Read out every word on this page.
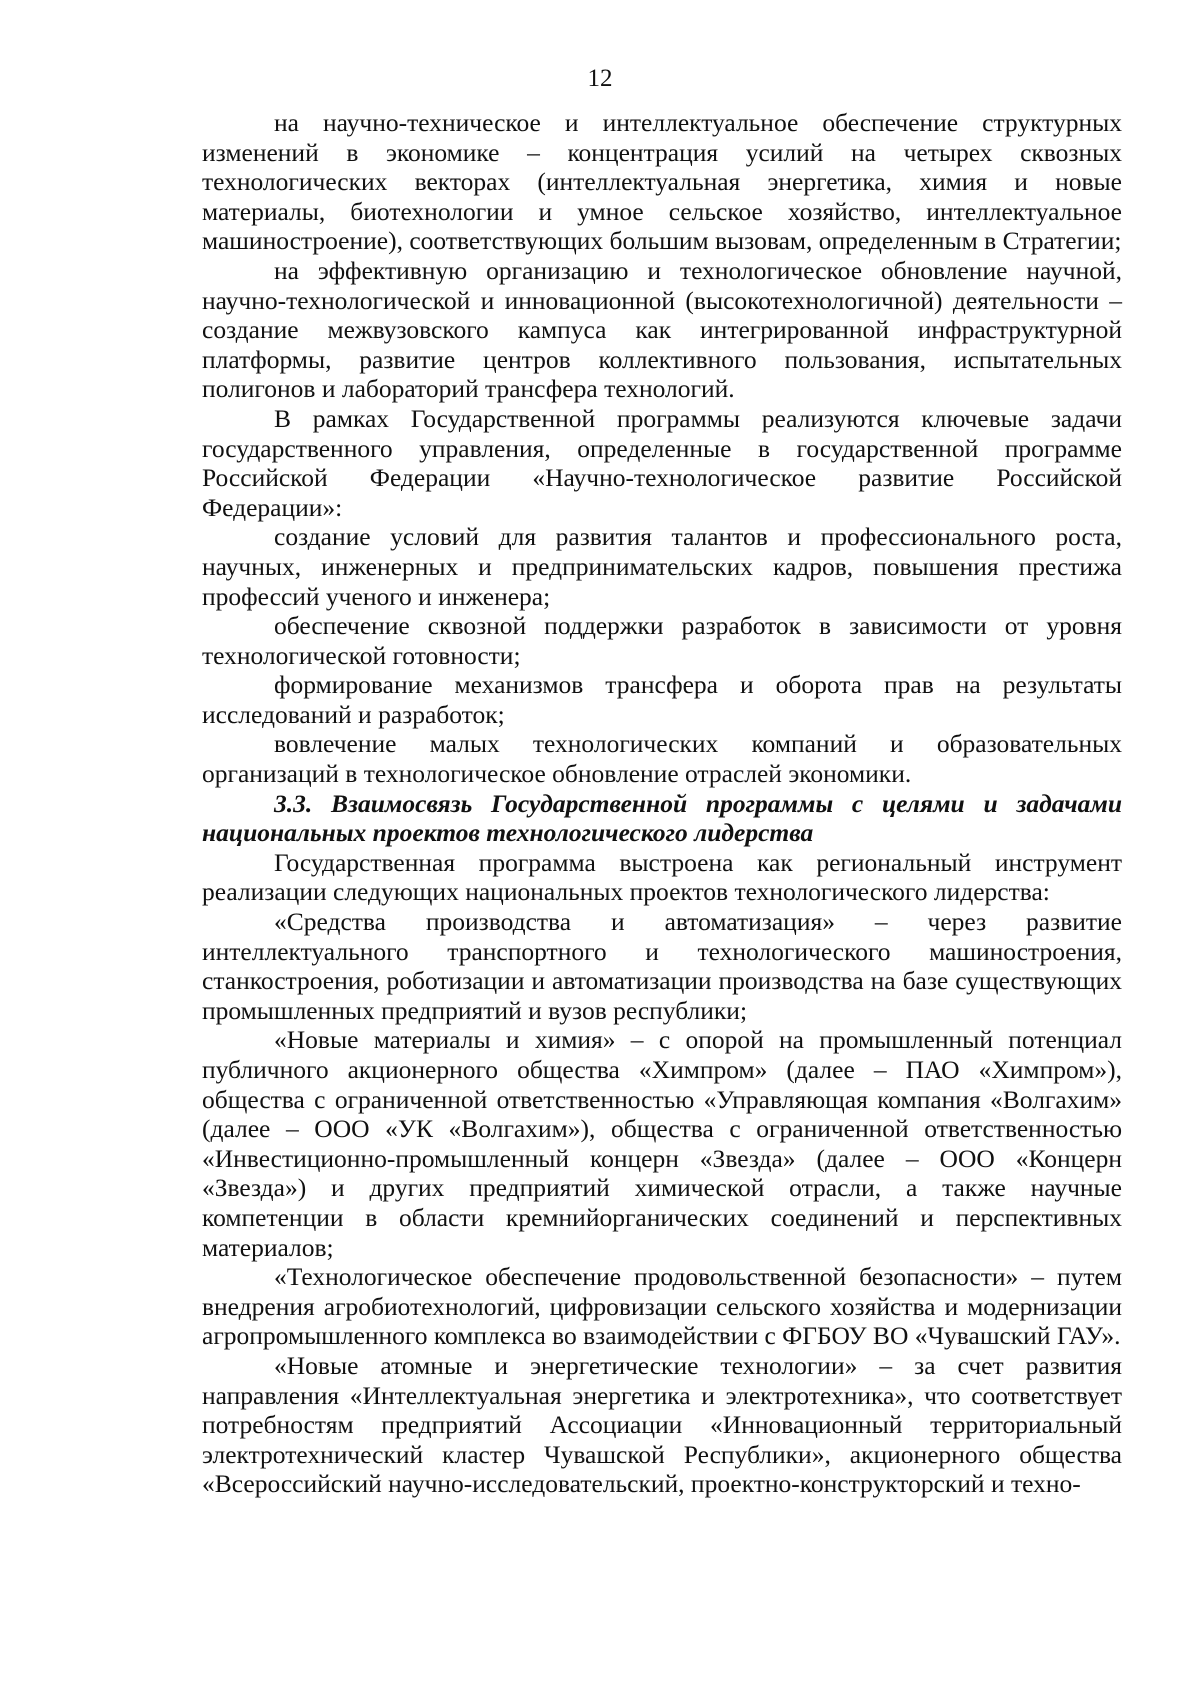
12

на научно-техническое и интеллектуальное обеспечение структурных изменений в экономике – концентрация усилий на четырех сквозных технологических векторах (интеллектуальная энергетика, химия и новые материалы, биотехнологии и умное сельское хозяйство, интеллектуальное машиностроение), соответствующих большим вызовам, определенным в Стратегии;

на эффективную организацию и технологическое обновление научной, научно-технологической и инновационной (высокотехнологичной) деятельности – создание межвузовского кампуса как интегрированной инфраструктурной платформы, развитие центров коллективного пользования, испытательных полигонов и лабораторий трансфера технологий.

В рамках Государственной программы реализуются ключевые задачи государственного управления, определенные в государственной программе Российской Федерации «Научно-технологическое развитие Российской Федерации»:

создание условий для развития талантов и профессионального роста, научных, инженерных и предпринимательских кадров, повышения престижа профессий ученого и инженера;

обеспечение сквозной поддержки разработок в зависимости от уровня технологической готовности;

формирование механизмов трансфера и оборота прав на результаты исследований и разработок;

вовлечение малых технологических компаний и образовательных организаций в технологическое обновление отраслей экономики.

3.3. Взаимосвязь Государственной программы с целями и задачами национальных проектов технологического лидерства

Государственная программа выстроена как региональный инструмент реализации следующих национальных проектов технологического лидерства:

«Средства производства и автоматизация» – через развитие интеллектуального транспортного и технологического машиностроения, станкостроения, роботизации и автоматизации производства на базе существующих промышленных предприятий и вузов республики;

«Новые материалы и химия» – с опорой на промышленный потенциал публичного акционерного общества «Химпром» (далее – ПАО «Химпром»), общества с ограниченной ответственностью «Управляющая компания «Волгахим» (далее – ООО «УК «Волгахим»), общества с ограниченной ответственностью «Инвестиционно-промышленный концерн «Звезда» (далее – ООО «Концерн «Звезда») и других предприятий химической отрасли, а также научные компетенции в области кремнийорганических соединений и перспективных материалов;

«Технологическое обеспечение продовольственной безопасности» – путем внедрения агробиотехнологий, цифровизации сельского хозяйства и модернизации агропромышленного комплекса во взаимодействии с ФГБОУ ВО «Чувашский ГАУ».

«Новые атомные и энергетические технологии» – за счет развития направления «Интеллектуальная энергетика и электротехника», что соответствует потребностям предприятий Ассоциации «Инновационный территориальный электротехнический кластер Чувашской Республики», акционерного общества «Всероссийский научно-исследовательский, проектно-конструкторский и техно-
